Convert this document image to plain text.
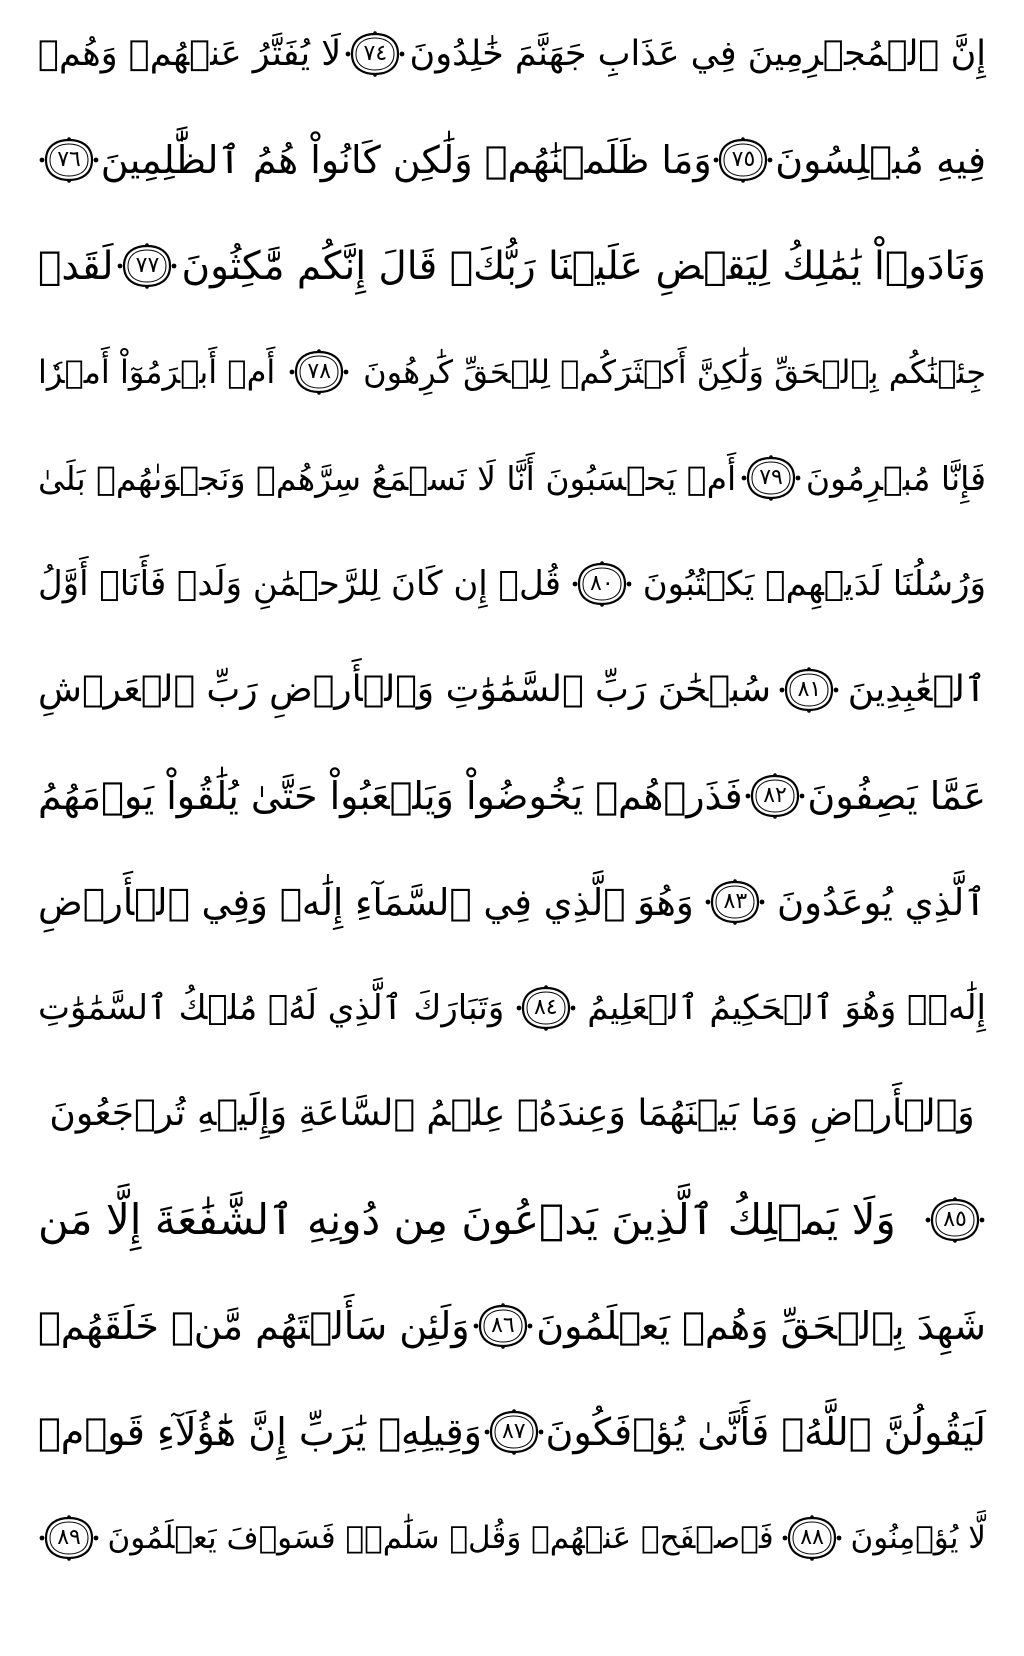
إِنَّ ٱلۡمُجۡرِمِينَ فِي عَذَابِ جَهَنَّمَ خَٰلِدُونَ
٧٤
لَا يُفَتَّرُ عَنۡهُمۡ وَهُمۡ
فِيهِ مُبۡلِسُونَ
٧٥
وَمَا ظَلَمۡنَٰهُمۡ وَلَٰكِن كَانُواْ هُمُ ٱلظَّٰلِمِينَ
٧٦
وَنَادَوۡاْ يَٰمَٰلِكُ لِيَقۡضِ عَلَيۡنَا رَبُّكَۖ قَالَ إِنَّكُم مَّٰكِثُونَ
٧٧
لَقَدۡ
جِئۡنَٰكُم بِٱلۡحَقِّ وَلَٰكِنَّ أَكۡثَرَكُمۡ لِلۡحَقِّ كَٰرِهُونَ
٧٨
أَمۡ أَبۡرَمُوٓاْ أَمۡرٗا
فَإِنَّا مُبۡرِمُونَ
٧٩
أَمۡ يَحۡسَبُونَ أَنَّا لَا نَسۡمَعُ سِرَّهُمۡ وَنَجۡوَىٰهُمۚ بَلَىٰ
وَرُسُلُنَا لَدَيۡهِمۡ يَكۡتُبُونَ
٨٠
قُلۡ إِن كَانَ لِلرَّحۡمَٰنِ وَلَدٞ فَأَنَا۠ أَوَّلُ
ٱلۡعَٰبِدِينَ
٨١
سُبۡحَٰنَ رَبِّ ٱلسَّمَٰوَٰتِ وَٱلۡأَرۡضِ رَبِّ ٱلۡعَرۡشِ
عَمَّا يَصِفُونَ
٨٢
فَذَرۡهُمۡ يَخُوضُواْ وَيَلۡعَبُواْ حَتَّىٰ يُلَٰقُواْ يَوۡمَهُمُ
ٱلَّذِي يُوعَدُونَ
٨٣
وَهُوَ ٱلَّذِي فِي ٱلسَّمَآءِ إِلَٰهٞ وَفِي ٱلۡأَرۡضِ
إِلَٰهٞۚ وَهُوَ ٱلۡحَكِيمُ ٱلۡعَلِيمُ
٨٤
وَتَبَارَكَ ٱلَّذِي لَهُۥ مُلۡكُ ٱلسَّمَٰوَٰتِ
وَٱلۡأَرۡضِ وَمَا بَيۡنَهُمَا وَعِندَهُۥ عِلۡمُ ٱلسَّاعَةِ وَإِلَيۡهِ تُرۡجَعُونَ
٨٥
وَلَا يَمۡلِكُ ٱلَّذِينَ يَدۡعُونَ مِن دُونِهِ ٱلشَّفَٰعَةَ إِلَّا مَن
شَهِدَ بِٱلۡحَقِّ وَهُمۡ يَعۡلَمُونَ
٨٦
وَلَئِن سَأَلۡتَهُم مَّنۡ خَلَقَهُمۡ
لَيَقُولُنَّ ٱللَّهُۖ فَأَنَّىٰ يُؤۡفَكُونَ
٨٧
وَقِيلِهِۦ يَٰرَبِّ إِنَّ هَٰٓؤُلَآءِ قَوۡمٞ
لَّا يُؤۡمِنُونَ
٨٨
فَٱصۡفَحۡ عَنۡهُمۡ وَقُلۡ سَلَٰمٞۚ فَسَوۡفَ يَعۡلَمُونَ
٨٩
